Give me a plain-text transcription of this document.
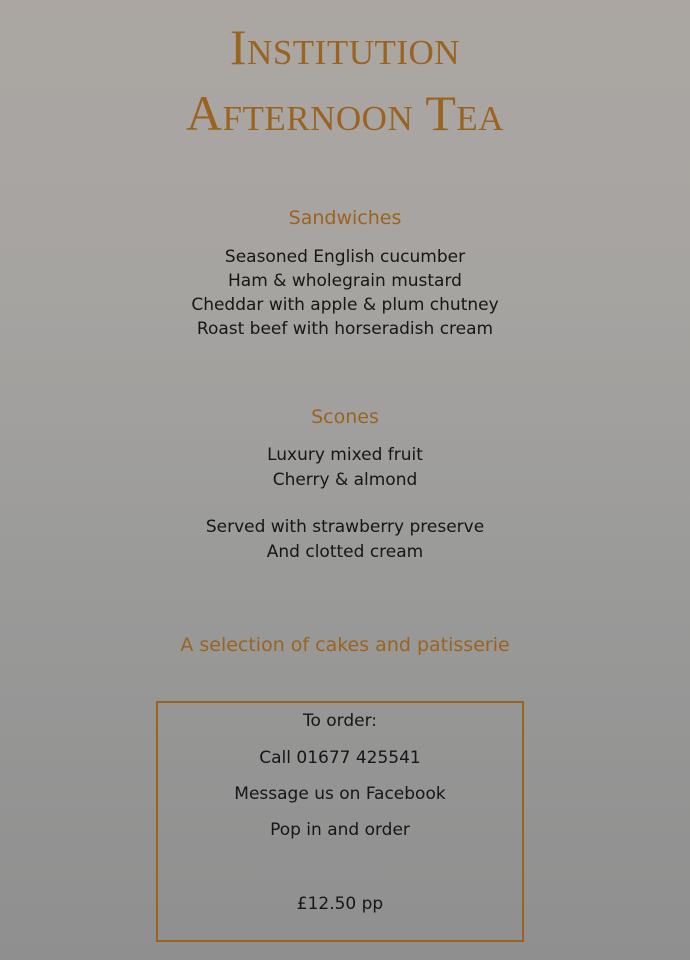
Institution
Afternoon Tea
Sandwiches
Seasoned English cucumber
Ham & wholegrain mustard
Cheddar with apple & plum chutney
Roast beef with horseradish cream
Scones
Luxury mixed fruit
Cherry & almond
Served with strawberry preserve
And clotted cream
A selection of cakes and patisserie
To order:
Call 01677 425541
Message us on Facebook
Pop in and order
£12.50 pp
